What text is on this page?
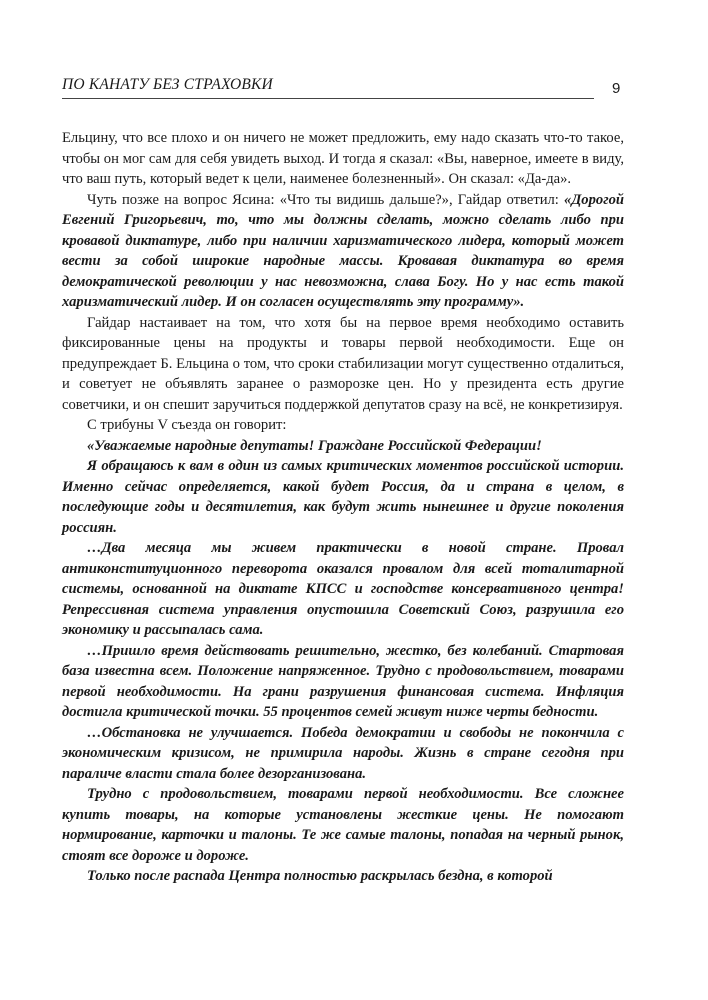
ПО КАНАТУ БЕЗ СТРАХОВКИ	9

Ельцину, что все плохо и он ничего не может предложить, ему надо сказать что-то такое, чтобы он мог сам для себя увидеть выход. И тогда я сказал: «Вы, наверное, имеете в виду, что ваш путь, который ведет к цели, наименее болезненный». Он сказал: «Да-да».

Чуть позже на вопрос Ясина: «Что ты видишь дальше?», Гайдар ответил: «Дорогой Евгений Григорьевич, то, что мы должны сделать, можно сделать либо при кровавой диктатуре, либо при наличии харизматического лидера, который может вести за собой широкие народные массы. Кровавая диктатура во время демократической революции у нас невозможна, слава Богу. Но у нас есть такой харизматический лидер. И он согласен осуществлять эту программу».

Гайдар настаивает на том, что хотя бы на первое время необходимо оставить фиксированные цены на продукты и товары первой необходимости. Еще он предупреждает Б. Ельцина о том, что сроки стабилизации могут существенно отдалиться, и советует не объявлять заранее о разморозке цен. Но у президента есть другие советчики, и он спешит заручиться поддержкой депутатов сразу на всё, не конкретизируя.

С трибуны V съезда он говорит:

«Уважаемые народные депутаты! Граждане Российской Федерации!

Я обращаюсь к вам в один из самых критических моментов российской истории. Именно сейчас определяется, какой будет Россия, да и страна в целом, в последующие годы и десятилетия, как будут жить нынешнее и другие поколения россиян.

…Два месяца мы живем практически в новой стране. Провал антиконституционного переворота оказался провалом для всей тоталитарной системы, основанной на диктате КПСС и господстве консервативного центра! Репрессивная система управления опустошила Советский Союз, разрушила его экономику и рассыпалась сама.

…Пришло время действовать решительно, жестко, без колебаний. Стартовая база известна всем. Положение напряженное. Трудно с продовольствием, товарами первой необходимости. На грани разрушения финансовая система. Инфляция достигла критической точки. 55 процентов семей живут ниже черты бедности.

…Обстановка не улучшается. Победа демократии и свободы не покончила с экономическим кризисом, не примирила народы. Жизнь в стране сегодня при параличе власти стала более дезорганизована.

Трудно с продовольствием, товарами первой необходимости. Все сложнее купить товары, на которые установлены жесткие цены. Не помогают нормирование, карточки и талоны. Те же самые талоны, попадая на черный рынок, стоят все дороже и дороже.

Только после распада Центра полностью раскрылась бездна, в которой
